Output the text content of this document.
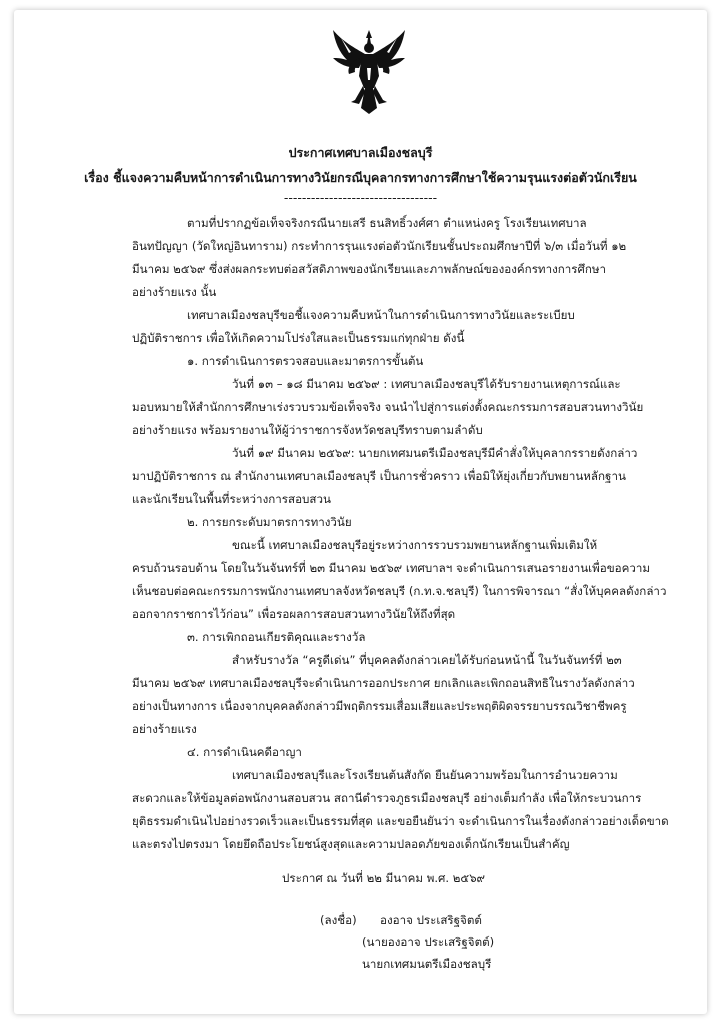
ประกาศเทศบาลเมืองชลบุรี
เรื่อง ชี้แจงความคืบหน้าการดำเนินการทางวินัยกรณีบุคลากรทางการศึกษาใช้ความรุนแรงต่อตัวนักเรียน
----------------------------------
ตามที่ปรากฏข้อเท็จจริงกรณีนายเสรี ธนสิทธิ์วงศ์ศา ตำแหน่งครู โรงเรียนเทศบาล
อินทปัญญา (วัดใหญ่อินทาราม) กระทำการรุนแรงต่อตัวนักเรียนชั้นประถมศึกษาปีที่ ๖/๓ เมื่อวันที่ ๑๒
มีนาคม ๒๕๖๙ ซึ่งส่งผลกระทบต่อสวัสดิภาพของนักเรียนและภาพลักษณ์ขององค์กรทางการศึกษา
อย่างร้ายแรง นั้น
เทศบาลเมืองชลบุรีขอชี้แจงความคืบหน้าในการดำเนินการทางวินัยและระเบียบ
ปฏิบัติราชการ เพื่อให้เกิดความโปร่งใสและเป็นธรรมแก่ทุกฝ่าย ดังนี้
๑. การดำเนินการตรวจสอบและมาตรการขั้นต้น
วันที่ ๑๓ – ๑๘ มีนาคม ๒๕๖๙ : เทศบาลเมืองชลบุรีได้รับรายงานเหตุการณ์และ
มอบหมายให้สำนักการศึกษาเร่งรวบรวมข้อเท็จจริง จนนำไปสู่การแต่งตั้งคณะกรรมการสอบสวนทางวินัย
อย่างร้ายแรง พร้อมรายงานให้ผู้ว่าราชการจังหวัดชลบุรีทราบตามลำดับ
วันที่ ๑๙ มีนาคม ๒๕๖๙: นายกเทศมนตรีเมืองชลบุรีมีคำสั่งให้บุคลากรรายดังกล่าว
มาปฏิบัติราชการ ณ สำนักงานเทศบาลเมืองชลบุรี เป็นการชั่วคราว เพื่อมิให้ยุ่งเกี่ยวกับพยานหลักฐาน
และนักเรียนในพื้นที่ระหว่างการสอบสวน
๒. การยกระดับมาตรการทางวินัย
ขณะนี้ เทศบาลเมืองชลบุรีอยู่ระหว่างการรวบรวมพยานหลักฐานเพิ่มเติมให้
ครบถ้วนรอบด้าน โดยในวันจันทร์ที่ ๒๓ มีนาคม ๒๕๖๙ เทศบาลฯ จะดำเนินการเสนอรายงานเพื่อขอความ
เห็นชอบต่อคณะกรรมการพนักงานเทศบาลจังหวัดชลบุรี (ก.ท.จ.ชลบุรี) ในการพิจารณา “สั่งให้บุคคลดังกล่าว
ออกจากราชการไว้ก่อน” เพื่อรอผลการสอบสวนทางวินัยให้ถึงที่สุด
๓. การเพิกถอนเกียรติคุณและรางวัล
สำหรับรางวัล “ครูดีเด่น” ที่บุคคลดังกล่าวเคยได้รับก่อนหน้านี้ ในวันจันทร์ที่ ๒๓
มีนาคม ๒๕๖๙ เทศบาลเมืองชลบุรีจะดำเนินการออกประกาศ ยกเลิกและเพิกถอนสิทธิในรางวัลดังกล่าว
อย่างเป็นทางการ เนื่องจากบุคคลดังกล่าวมีพฤติกรรมเสื่อมเสียและประพฤติผิดจรรยาบรรณวิชาชีพครู
อย่างร้ายแรง
๔. การดำเนินคดีอาญา
เทศบาลเมืองชลบุรีและโรงเรียนต้นสังกัด ยืนยันความพร้อมในการอำนวยความ
สะดวกและให้ข้อมูลต่อพนักงานสอบสวน สถานีตำรวจภูธรเมืองชลบุรี อย่างเต็มกำลัง เพื่อให้กระบวนการ
ยุติธรรมดำเนินไปอย่างรวดเร็วและเป็นธรรมที่สุด และขอยืนยันว่า จะดำเนินการในเรื่องดังกล่าวอย่างเด็ดขาด
และตรงไปตรงมา โดยยึดถือประโยชน์สูงสุดและความปลอดภัยของเด็กนักเรียนเป็นสำคัญ
ประกาศ ณ วันที่ ๒๒ มีนาคม พ.ศ. ๒๕๖๙
(ลงชื่อ) องอาจ ประเสริฐจิตต์
(นายองอาจ ประเสริฐจิตต์)
นายกเทศมนตรีเมืองชลบุรี
